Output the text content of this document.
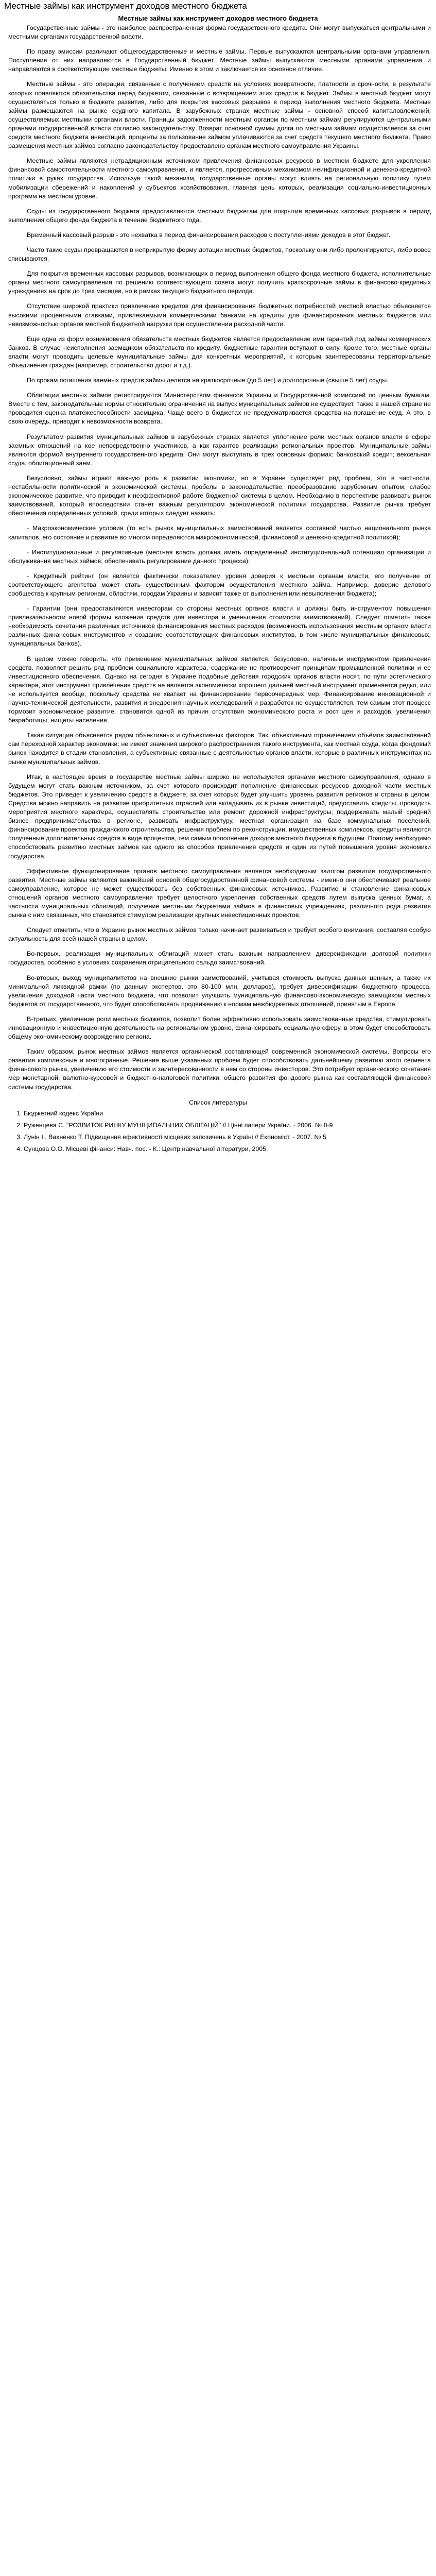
Местные займы как инструмент доходов местного бюджета
Местные займы как инструмент доходов местного бюджета

Государственные займы - это наиболее распространенная форма государственного кредита. Они могут выпускаться центральными и местными органами государственной власти.

По праву эмиссии различают общегосударственные и местные займы. Первые выпускаются центральными органами управления. Поступления от них направляются в Государственный бюджет. Местные займы выпускаются местными органами управления и направляются в соответствующие местные бюджеты. Именно в этом и заключается их основное отличие.

Местные займы - это операции, связанные с получением средств на условиях возвратности, платности и срочности, в результате которых появляются обязательства перед бюджетом, связанные с возвращением этих средств в бюджет. Займы в местный бюджет могут осуществляться только в бюджете развития, либо для покрытия кассовых разрывов в период выполнения местного бюджета. Местные займы размещаются на рынке ссудного капитала. В зарубежных странах местные займы - основной способ капиталовложений, осуществляемых местными органами власти. Границы задолженности местным органом по местным займам регулируются центральными органами государственной власти согласно законодательству. Возврат основной суммы долга по местным займам осуществляется за счет средств местного бюджета инвестиций, проценты за пользование займом уплачиваются за счет средств текущего местного бюджета. Право размещения местных займов согласно законодательству предоставлено органам местного самоуправления Украины.

Местные займы являются нетрадиционным источником привлечения финансовых ресурсов в местном бюджете для укрепления финансовой самостоятельности местного самоуправления, и является, прогрессивным механизмом неинфляционной и денежно-кредитной политики в руках государства. Используя такой механизм, государственные органы могут влиять на региональную политику путем мобилизации сбережений и накоплений у субъектов хозяйствования, главная цель которых, реализация социально-инвестиционных программ на местном уровне.

Ссуды из государственного бюджета предоставляются местным бюджетам для покрытия временных кассовых разрывов в период выполнения общего фонда бюджета в течение бюджетного года.

Временный кассовый разрыв - это нехватка в период финансирования расходов с поступлениями доходов в этот бюджет.

Часто такие ссуды превращаются в неприкрытую форму дотации местных бюджетов, поскольку они либо пролонгируются, либо вовсе списываются.

Для покрытия временных кассовых разрывов, возникающих в период выполнения общего фонда местного бюджета, исполнительные органы местного самоуправления по решению соответствующего совета могут получить краткосрочные займы в финансово-кредитных учреждениях на срок до трех месяцев, но в рамках текущего бюджетного периода.

Отсутствие широкой практики привлечения кредитов для финансирования бюджетных потребностей местной властью объясняется высокими процентными ставками, привлекаемыми коммерческими банками на кредиты для финансирования местных бюджетов или невозможностью органов местной бюджетной нагрузки при осуществлении расходной части.

Еще одна из форм возникновения обязательств местных бюджетов является предоставление ими гарантий под займы коммерческих банков. В случае неисполнения заемщиком обязательств по кредиту, бюджетные гарантии вступают в силу. Кроме того, местные органы власти могут проводить целевые муниципальные займы для конкретных мероприятий, к которым заинтересованы территориальные объединения граждан (например, строительство дорог и т.д.).

По срокам погашения заемных средств займы делятся на краткосрочные (до 5 лет) и долгосрочные (свыше 5 лет) ссуды.

Облигации местных займов регистрируются Министерством финансов Украины и Государственной комиссией по ценным бумагам. Вместе с тем, законодательные нормы относительно ограничения на выпуск муниципальных займов не существует, также в нашей стране не проводится оценка платежеспособности заемщика. Чаще всего в бюджетах не предусматривается средства на погашение ссуд. А это, в свою очередь, приводит к невозможности возврата.

Результатом развития муниципальных займов в зарубежных странах является уплотнение роли местных органов власти в сфере заемных отношений на кое непосредственно участников, а как гарантов реализации региональных проектов. Муниципальные займы являются формой внутреннего государственного кредита. Они могут выступать в трех основных формах: банковский кредит; вексельная ссуда, облигационный заем.

Безусловно, займы играют важную роль в развитии экономики, но в Украине существует ряд проблем, это в частности, нестабильности политической и экономической системы, пробелы в законодательстве, преобразование зарубежным опытом, слабое экономическое развитие, что приводит к неэффективной работе бюджетной системы в целом. Необходимо в перспективе развивать рынок заимствований, который впоследствии станет важным регулятором экономической политики государства. Развитие рынка требует обеспечения определенных условий, среди которых следует назвать:

- Макроэкономические условия (то есть рынок муниципальных заимствований является составной частью национального рынка капиталов, его состояние и развитие во многом определяются макроэкономической, финансовой и денежно-кредитной политикой);

- Институциональные и регулятивные (местная власть должна иметь определенный институциональный потенциал организации и обслуживания местных займов, обеспечивать регулирование данного процесса);

- Кредитный рейтинг (он является фактически показателем уровня доверия к местным органам власти, его получение от соответствующего агентства может стать существенным фактором осуществления местного займа. Например, доверие делового сообщества к крупным регионам, областям, городам Украины и зависит также от выполнения или невыполнения бюджета);

- Гарантии (они предоставляются инвесторам со стороны местных органов власти и должны быть инструментом повышения привлекательности новой формы вложения средств для инвестора и уменьшения стоимости заимствований). Следует отметить также необходимость сочетания различных источников финансирования местных расходов (возможность использования местным органом власти различных финансовых инструментов и создание соответствующих финансовых институтов, в том числе муниципальных финансовых, муниципальных банков).

В целом можно говорить, что применение муниципальных займов является, безусловно, наличным инструментом привлечения средств, позволяет решить ряд проблем социального характера, содержание не противоречит принципам промышленной политики и ее инвестиционного обеспечения. Однако на сегодня в Украине подобные действия городских органов власти носят, по пути эстетического характера, этот инструмент привлечения средств не является экономически хорошего дальней местный инструмент применяется редко, или не используется вообще, поскольку средства не хватает на финансирование первоочередных мер. Финансирование инновационной и научно-технической деятельности, развития и внедрения научных исследований и разработок не осуществляется, тем самым этот процесс тормозит экономическое развитие, становится одной из причин отсутствия экономического роста и рост цен и расходов, увеличения безработицы, нищеты населения.

Такая ситуация объясняется рядом объективных и субъективных факторов. Так, объективным ограничением объёмов заимствований сам переходной характер экономики: не имеет значения широкого распространения такого инструмента, как местная ссуда, когда фондовый рынок находится в стадии становления, а субъективные связанные с деятельностью органов власти, которые в различных инструментах на рынке муниципальных займов.

Итак, в настоящее время в государстве местные займы широко не используются органами местного самоуправления, однако в будущем могут стать важным источником, за счет которого происходит пополнение финансовых ресурсов доходной части местных бюджетов. Это приведет к увеличению средств в бюджете, за счет которых будет улучшить уровень развития регионов и страны в целом. Средства можно направить на развитие приоритетных отраслей или вкладывать их в рынке инвестиций, предоставить кредиты, проводить мероприятия местного характера, осуществлять строительство или ремонт дорожной инфраструктуры, поддерживать малый средний бизнес предпринимательства в регионе, развивать инфраструктуру, местная организация на базе коммунальных поселений, финансирование проектов гражданского строительства, решения проблем по реконструкции, имущественных комплексов, кредиты являются полученные дополнительных средств в виде процентов, тем самым пополнение доходов местного бюджета в будущем. Поэтому необходимо способствовать развитию местных займов как одного из способов привлечения средств и один из путей повышения уровня экономики государства.

Эффективное функционирование органов местного самоуправления является необходимым залогом развития государственного развития. Местные займы являются важнейшей основой общегосударственной финансовой системы - именно они обеспечивают реальное самоуправление, которое не может существовать без собственных финансовых источников. Развитие и становление финансовых отношений органов местного самоуправления требует целостного укрепления собственных средств путем выпуска ценных бумаг, а частности муниципальных облигаций, получение местными бюджетами займов в финансовых учреждениях, различного рода развития рынка с ним связанных, что становится стимулом реализации крупных инвестиционных проектов.

Следует отметить, что в Украине рынок местных займов только начинает развиваться и требует особого внимания, составляя особую актуальность для всей нашей страны в целом.

Во-первых, реализация муниципальных облигаций может стать важным направлением диверсификации долговой политики государства, особенно в условиях сохранения отрицательного сальдо заимствований.

Во-вторых, выход муниципалитетов на внешние рынки заимствований, учитывая стоимость выпуска данных ценных, а также их минимальной ликвидной рамки (по данным экспертов, это 80-100 млн. долларов), требует диверсификации бюджетного процесса, увеличения доходной части местного бюджета, что позволит улучшить муниципальную финансово-экономическую заемщиком местных бюджетов от государственного, что будет способствовать продвижению к нормам межбюджетных отношений, принятым в Европе.

В-третьих, увеличение роли местных бюджетов, позволит более эффективно использовать заимствованные средства, стимулировать инновационную и инвестиционную деятельность на региональном уровне, финансировать социальную сферу, в этом будет способствовать общему экономическому возрождению региона.

Таким образом, рынок местных займов является органической составляющей современной экономической системы. Вопросы его развития комплексные и многогранные. Решение выше указанных проблем будет способствовать дальнейшему развитию этого сегмента финансового рынка, увеличению его стоимости и заинтересованности в нем со стороны инвесторов. Это потребует органического сочетания мер монетарной, валютно-курсовой и бюджетно-налоговой политики, общего развития фондового рынка как составляющей финансовой системы государства.

Список литератуpы
1. Бюджетний кодекс України
2. Руженцева С. "РОЗВИТОК РИНКУ МУНІЦИПАЛЬНИХ ОБЛІГАЦІЙ" // Цінні папери України. - 2006. № 8-9
3. Лунін І., Вахненко Т. Підвищення ефективності місцевих запозичень в Україні // Економіст. - 2007. № 5
4. Сунцова О.О. Місцеві фінанси: Навч. пос. - К.: Центр навчальної літератури, 2005.
